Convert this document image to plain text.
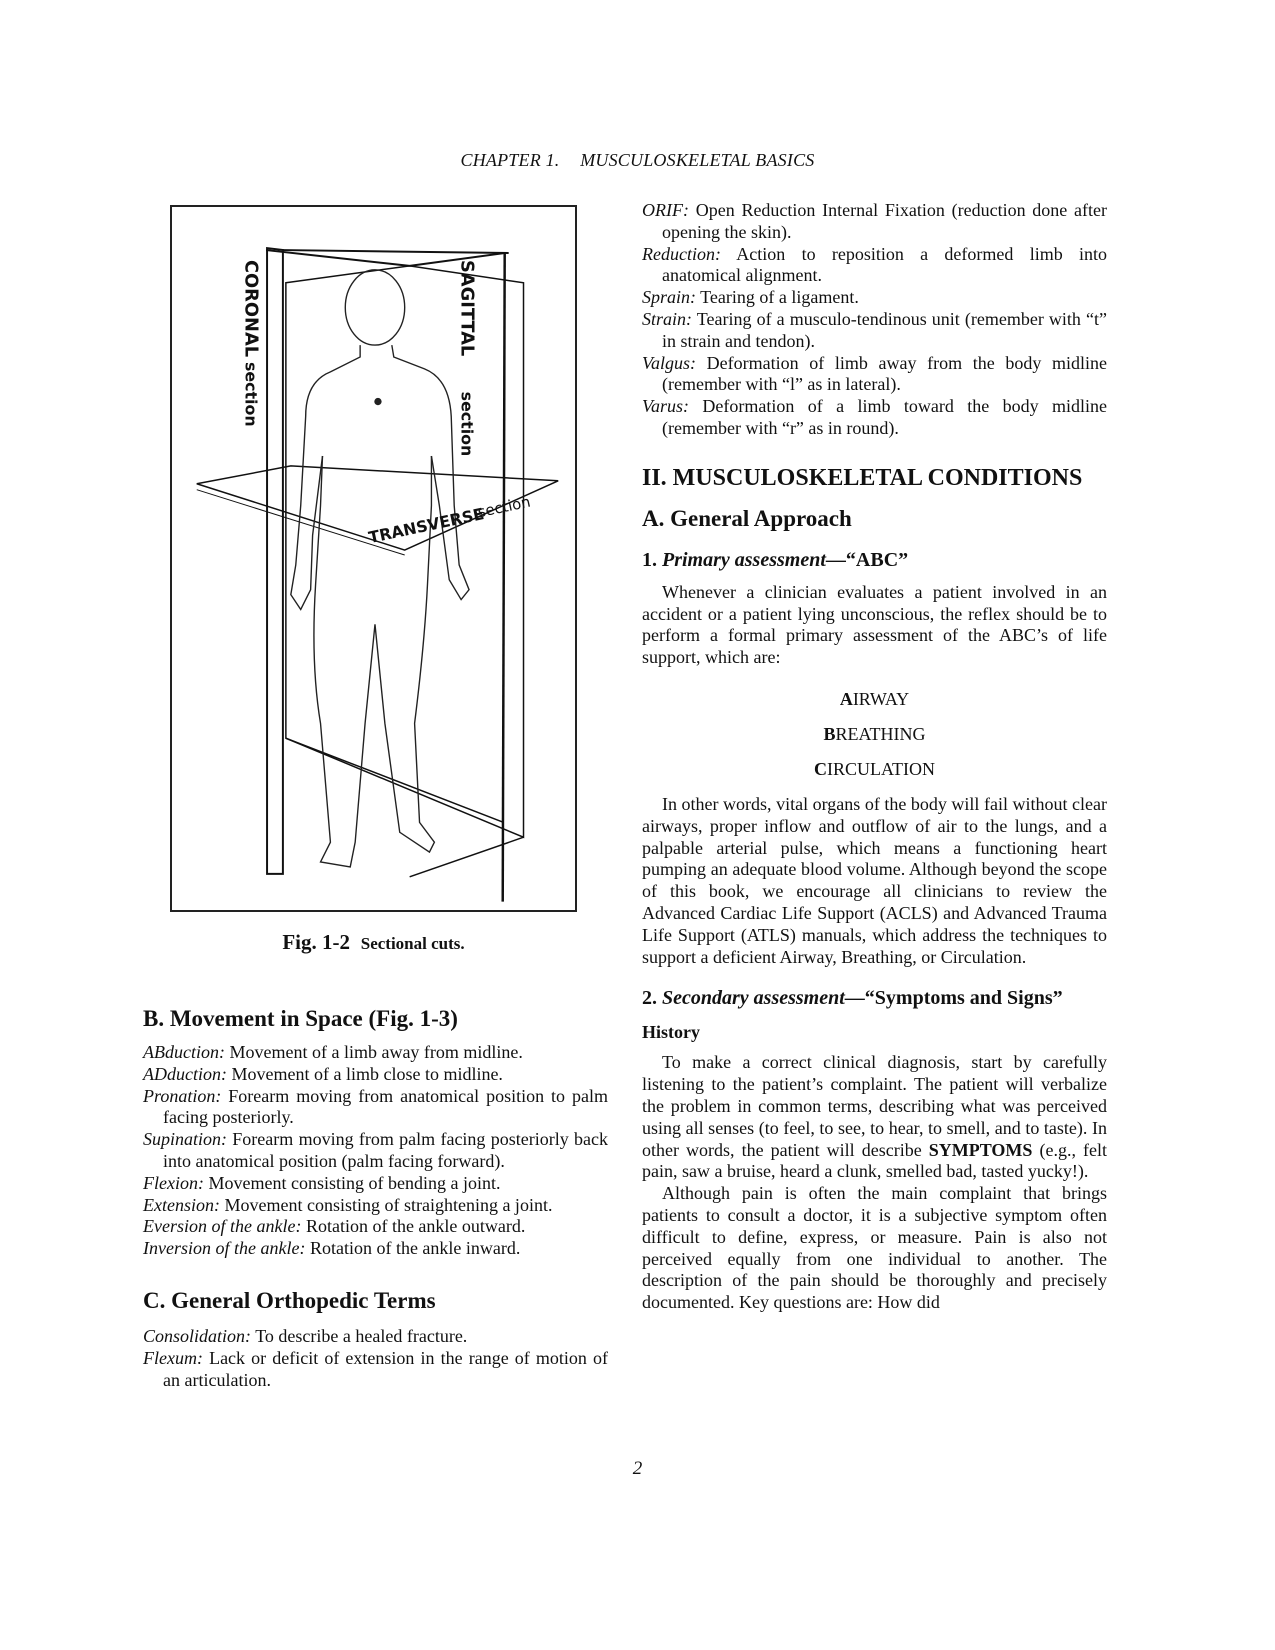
CHAPTER 1. MUSCULOSKELETAL BASICS
CORONAL
section
SAGITTAL
section
TRANSVERSE
section
Fig. 1-2 Sectional cuts.
B. Movement in Space (Fig. 1-3)
ABduction: Movement of a limb away from midline.
ADduction: Movement of a limb close to midline.
Pronation: Forearm moving from anatomical position to palm facing posteriorly.
Supination: Forearm moving from palm facing posteriorly back into anatomical position (palm facing forward).
Flexion: Movement consisting of bending a joint.
Extension: Movement consisting of straightening a joint.
Eversion of the ankle: Rotation of the ankle outward.
Inversion of the ankle: Rotation of the ankle inward.
C. General Orthopedic Terms
Consolidation: To describe a healed fracture.
Flexum: Lack or deficit of extension in the range of motion of an articulation.
ORIF: Open Reduction Internal Fixation (reduction done after opening the skin).
Reduction: Action to reposition a deformed limb into anatomical alignment.
Sprain: Tearing of a ligament.
Strain: Tearing of a musculo-tendinous unit (remember with “t” in strain and tendon).
Valgus: Deformation of limb away from the body midline (remember with “l” as in lateral).
Varus: Deformation of a limb toward the body midline (remember with “r” as in round).
II. MUSCULOSKELETAL CONDITIONS
A. General Approach
1. Primary assessment—“ABC”

Whenever a clinician evaluates a patient involved in an accident or a patient lying unconscious, the reflex should be to perform a formal primary assessment of the ABC’s of life support, which are:

AIRWAY
BREATHING
CIRCULATION

In other words, vital organs of the body will fail without clear airways, proper inflow and outflow of air to the lungs, and a palpable arterial pulse, which means a functioning heart pumping an adequate blood volume. Although beyond the scope of this book, we encourage all clinicians to review the Advanced Cardiac Life Support (ACLS) and Advanced Trauma Life Support (ATLS) manuals, which address the techniques to support a deficient Airway, Breathing, or Circulation.

2. Secondary assessment—“Symptoms and Signs”
History

To make a correct clinical diagnosis, start by carefully listening to the patient’s complaint. The patient will verbalize the problem in common terms, describing what was perceived using all senses (to feel, to see, to hear, to smell, and to taste). In other words, the patient will describe SYMPTOMS (e.g., felt pain, saw a bruise, heard a clunk, smelled bad, tasted yucky!).

Although pain is often the main complaint that brings patients to consult a doctor, it is a subjective symptom often difficult to define, express, or measure. Pain is also not perceived equally from one individual to another. The description of the pain should be thoroughly and precisely documented. Key questions are: How did

2
